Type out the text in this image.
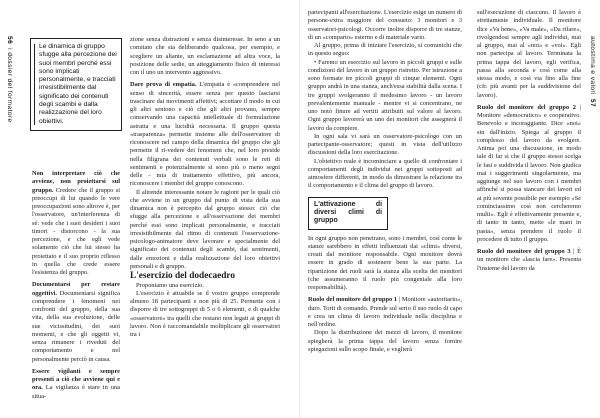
56i dossier del formatore
Le dinamica di gruppo sfugge alla percezione dei suoi membri perché essi sono implicati personalmente, e tracciati irresistibilmente dal significato dei contenuti degli scambi e dalla realizzazione del loro obiettivi.

Non interpretare ciò che avviene, non proiettarsi sul gruppo. Credere che il gruppo si preoccupi di lui quando le vere preoccupazioni sono altrove è, per l'osservatore, un'interferenza di sé: vede che i suoi desideri i suoi timori - distorcono - la sua percezione, e che egli vede solamente ciò che lui stesso ha proiettato e il suo proprio riflesso in quella che crede essere l'esistenza del gruppo.

Documentarsi per restare oggettivi. Documentarsi significa comprendere i fenomeni nei confronti del gruppo, della sua vita, della sua evoluzione, delle sue vicissitudini, dei suoi momenti, e che gli oggetti vi, senza rimanere i riveduti del comportamento e nel personalmente perciò in causa.

Essere vigilanti e sempre presenti a ciò che avviene qui e ora. La vigilanza è stare in una situa-

zione senza distrazioni e senza disinteresse. In seno a un comitato che sta deliberando qualcosa, per esempio, e scegliere un aliante, un esclamazione ad altra voce, la posizione delle sedie, un atteggiamento fisico di interessi con il uno un intervento aggressivo.

Dare prova di empatia. L'empatia è «comprendere nel senso di sincerità, essere senza per questo lasciarsi trascinare dai movimenti affettivi; accettare il modo in cui gli altri sentono e ciò che gli altri provano, sempre conservando una capacità intellettuale di formulazione astratta e una lucidità necessaria. Il gruppo questa «trasparenza» permette insieme alle dell'osservatore di riconoscere nel campo della dinamica del gruppo che gli permette il ri-vedere dei fenomeni che, nel loro preside nella filigrana dei contenuti verbali sono le reti di sentimenti e potenzialmente si sono più o meno segni delle - mia di trattamento effettivo, più ancora, riconoscere i membri del gruppo conoscono.

Il altrende interessante notare le ragioni per le quali ciò che avviene in un gruppo dal punto di vista della sua dinamica non è percepito dal gruppo stesso: ciò che sfugge alla percezione e all'osservazione dei membri perché essi sono implicati personalmente, e tracciati irresistibilmente dal ritmo di contenuti l'osservazione-psicologo-animatore deve lavorare e specialmente del significato dei contenuti degli scambi, dai sentimenti, dalle emozioni e dalla realizzazione del loro obiettivi personali e di gruppo.

L'esercizio del dodecaedro

Proponiamo una esercizio.

L'esercizio è attuabile se il vostro gruppo comprende almeno 18 partecipanti e non più di 25. Permette con i disporre di tre sottogruppi di 5 o 6 elementi, e di qualche «osservatore» tra quelli che restano non legati ai gruppi di lavoro. Non è raccomandabile moltiplicare gli osservatori tra i

partecipanti all'esercitazione. L'esercizio esige un numero di persone-extra maggiore del consueto: 3 monitori e 3 osservatori-psicologi. Occorre inoltre disporre di tre stanze, di un «comparto» esterno e di materiale vario.

Al gruppo, prima di iniziare l'esercizio, si comunichi che in questo seguo:

• Faremo un esercizio sul lavoro in piccoli gruppi e sulle condizioni del lavoro in un gruppo ristretto. Per istruzione a sono formate tre piccoli gruppi di cinque elementi. Ogni gruppo andrà in una stanza, anch'essa stabilità dalla scena. I tre gruppi svolgeranno il medesimo lavoro - un lavoro prevalentemente manuale - mentre vi si concentrano, ne uno notò finure ad vertiti attribuiti sul valore al lavoro. Ogni gruppo lavorerà un uno dei monitori che assegnerà il lavoro da compiere.

In ogni sala vi sarà un osservatore-psicologo con un partecipante-osservatore; questi in vista dell'utilizzo discussioni della loro esercitazione.

L'obiettivo reale è incominciare a quello di confrontare i comportamenti degli individui nei gruppi sottoposti ad atmosfere differenti, in modo da dimostrare la relazione tra il comportamento e il clima del gruppo di lavoro.

L'attivazione di diversi climi di gruppo

In ogni gruppo non penetrano, sono i membri, così come le stanze sarebbero in effetti influenzati dai «climi» diversi, creati dal monitore responsabile. Ogni monitore dovrà essere in grado di sostenere bene la sua parte. La ripartizione dei ruoli sarà la stanza alla scelta dei monitori (che assumeranno il ruolo più congeniale alla loro responsabilità).

Ruolo del monitore del gruppo 1 | Monitore «autoritario», duro. Torti di comando. Prende sul serio il suo ruolo di capo e crea un clima di lavoro individuale nella disciplina e nell'ordine.

Dopo la distribuzione dei mezzi di lavoro, il monitore spiegherà la prima tappa del lavoro senza fornire spiegazioni sullo scopo finale, e veglierà

sull'esecuzione di ciascuno. Il lavoro è strettamente individuale. Il monitore dice «Va bene», «Va male», «Da rifare», rivolgendosi sempre agli individui, mai al gruppo, mai al «noi» e «voi». Egli non partecipa al lavoro. Terminata la prima tappa del lavoro, egli verifica, passa alla seconda e così come alla stessa modo, e così via fino alla fine (cfr. più avanti per la suddivisione del lavoro).

Ruolo del monitore del gruppo 2 | Monitore «democratico» e cooperativo. Benevolo e incoraggiante. Dice «noi» sin dall'inizio. Spiega al gruppo il complesso del lavoro da svolgere. Anima poi una discussione, in modo tale di far sì che il gruppo stesso scelga le fasi e suddivida il lavoro. Non giudica mai i suggerimenti singolarmente, ma aggiunge nel suo lavoro con i membri affinché si possa stancare dei lavori ed ai più sovente possibile per esempio «Se cominciassimo così non cercheremo multi». Egli è effettivamente presente e, di tanto in tanto, mette «le mani in pasta», senza prendere il ruolo il procedere di tutto il gruppo.

Ruolo del monitore del gruppo 3 | È un monitore che «lascia fare». Presenta l'insieme del lavoro da

autostima e valori57
